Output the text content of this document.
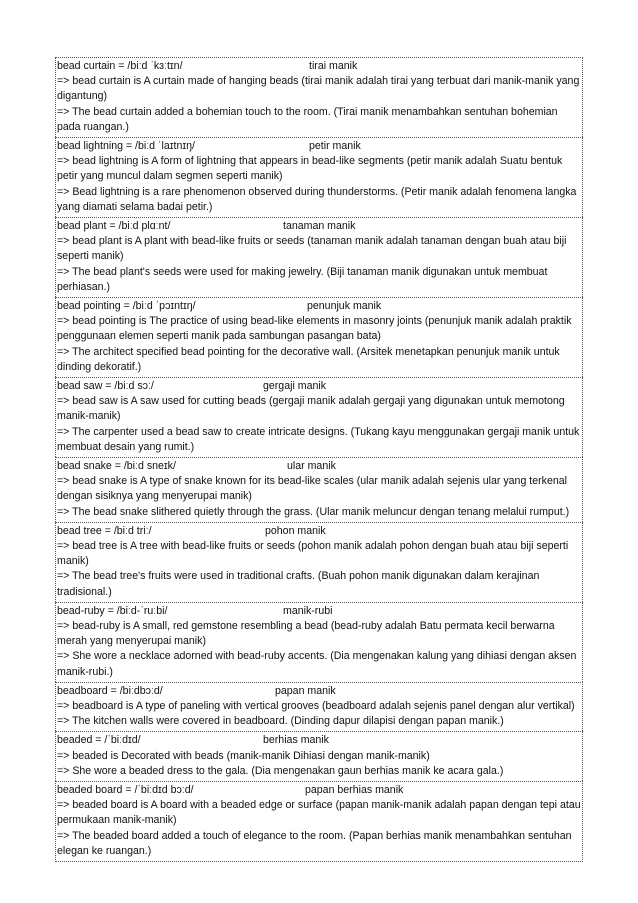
bead curtain = /biːd ˈkɜːtɪn/	tirai manik
=> bead curtain is A curtain made of hanging beads (tirai manik adalah tirai yang terbuat dari manik-manik yang digantung)
=> The bead curtain added a bohemian touch to the room. (Tirai manik menambahkan sentuhan bohemian pada ruangan.)
bead lightning = /biːd ˈlaɪtnɪŋ/	petir manik
=> bead lightning is A form of lightning that appears in bead-like segments (petir manik adalah Suatu bentuk petir yang muncul dalam segmen seperti manik)
=> Bead lightning is a rare phenomenon observed during thunderstorms. (Petir manik adalah fenomena langka yang diamati selama badai petir.)
bead plant = /biːd plɑːnt/	tanaman manik
=> bead plant is A plant with bead-like fruits or seeds (tanaman manik adalah tanaman dengan buah atau biji seperti manik)
=> The bead plant's seeds were used for making jewelry. (Biji tanaman manik digunakan untuk membuat perhiasan.)
bead pointing = /biːd ˈpɔɪntɪŋ/	penunjuk manik
=> bead pointing is The practice of using bead-like elements in masonry joints (penunjuk manik adalah praktik penggunaan elemen seperti manik pada sambungan pasangan bata)
=> The architect specified bead pointing for the decorative wall. (Arsitek menetapkan penunjuk manik untuk dinding dekoratif.)
bead saw = /biːd sɔː/	gergaji manik
=> bead saw is A saw used for cutting beads (gergaji manik adalah gergaji yang digunakan untuk memotong manik-manik)
=> The carpenter used a bead saw to create intricate designs. (Tukang kayu menggunakan gergaji manik untuk membuat desain yang rumit.)
bead snake = /biːd sneɪk/	ular manik
=> bead snake is A type of snake known for its bead-like scales (ular manik adalah sejenis ular yang terkenal dengan sisiknya yang menyerupai manik)
=> The bead snake slithered quietly through the grass. (Ular manik meluncur dengan tenang melalui rumput.)
bead tree = /biːd triː/	pohon manik
=> bead tree is A tree with bead-like fruits or seeds (pohon manik adalah pohon dengan buah atau biji seperti manik)
=> The bead tree's fruits were used in traditional crafts. (Buah pohon manik digunakan dalam kerajinan tradisional.)
bead-ruby = /biːd-ˈruːbi/	manik-rubi
=> bead-ruby is A small, red gemstone resembling a bead (bead-ruby adalah Batu permata kecil berwarna merah yang menyerupai manik)
=> She wore a necklace adorned with bead-ruby accents. (Dia mengenakan kalung yang dihiasi dengan aksen manik-rubi.)
beadboard = /biːdbɔːd/	papan manik
=> beadboard is A type of paneling with vertical grooves (beadboard adalah sejenis panel dengan alur vertikal)
=> The kitchen walls were covered in beadboard. (Dinding dapur dilapisi dengan papan manik.)
beaded = /ˈbiːdɪd/	berhias manik
=> beaded is Decorated with beads (manik-manik Dihiasi dengan manik-manik)
=> She wore a beaded dress to the gala. (Dia mengenakan gaun berhias manik ke acara gala.)
beaded board = /ˈbiːdɪd bɔːd/	papan berhias manik
=> beaded board is A board with a beaded edge or surface (papan manik-manik adalah papan dengan tepi atau permukaan manik-manik)
=> The beaded board added a touch of elegance to the room. (Papan berhias manik menambahkan sentuhan elegan ke ruangan.)
